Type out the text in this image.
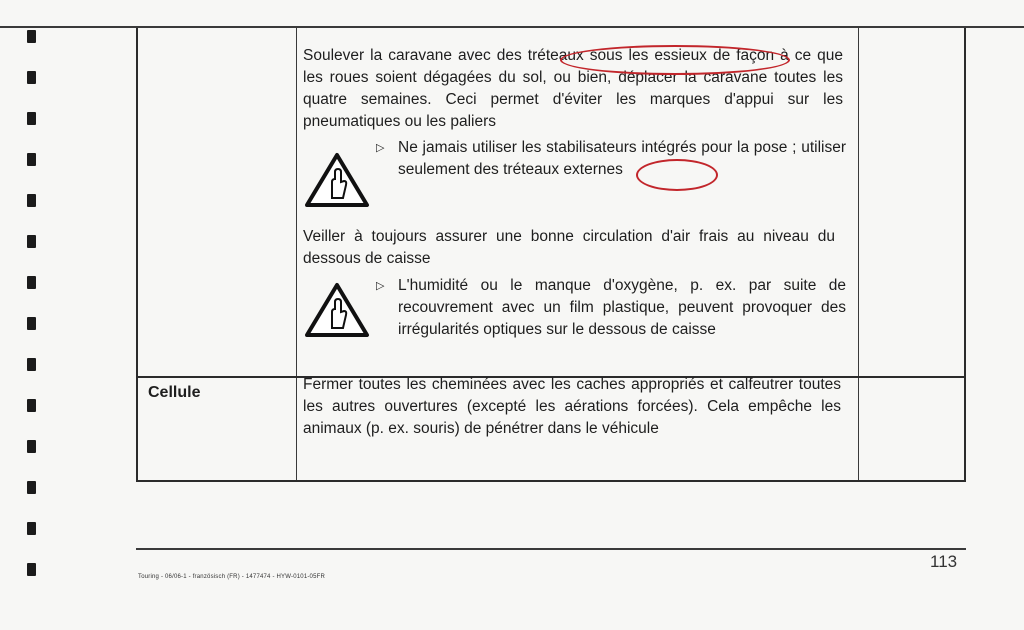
Soulever la caravane avec des tréteaux sous les essieux de façon à ce que les roues soient dégagées du sol, ou bien, déplacer la caravane toutes les quatre semaines. Ceci permet d'éviter les marques d'appui sur les pneumatiques ou les paliers

▷ Ne jamais utiliser les stabilisateurs intégrés pour la pose ; utiliser seulement des tréteaux externes

Veiller à toujours assurer une bonne circulation d'air frais au niveau du dessous de caisse

▷ L'humidité ou le manque d'oxygène, p. ex. par suite de recouvrement avec un film plastique, peuvent provoquer des irrégularités optiques sur le dessous de caisse
Cellule	Fermer toutes les cheminées avec les caches appropriés et calfeutrer toutes les autres ouvertures (excepté les aérations forcées). Cela empêche les animaux (p. ex. souris) de pénétrer dans le véhicule

Touring - 06/06-1 - französisch (FR) - 1477474 - HYW-0101-05FR
113
